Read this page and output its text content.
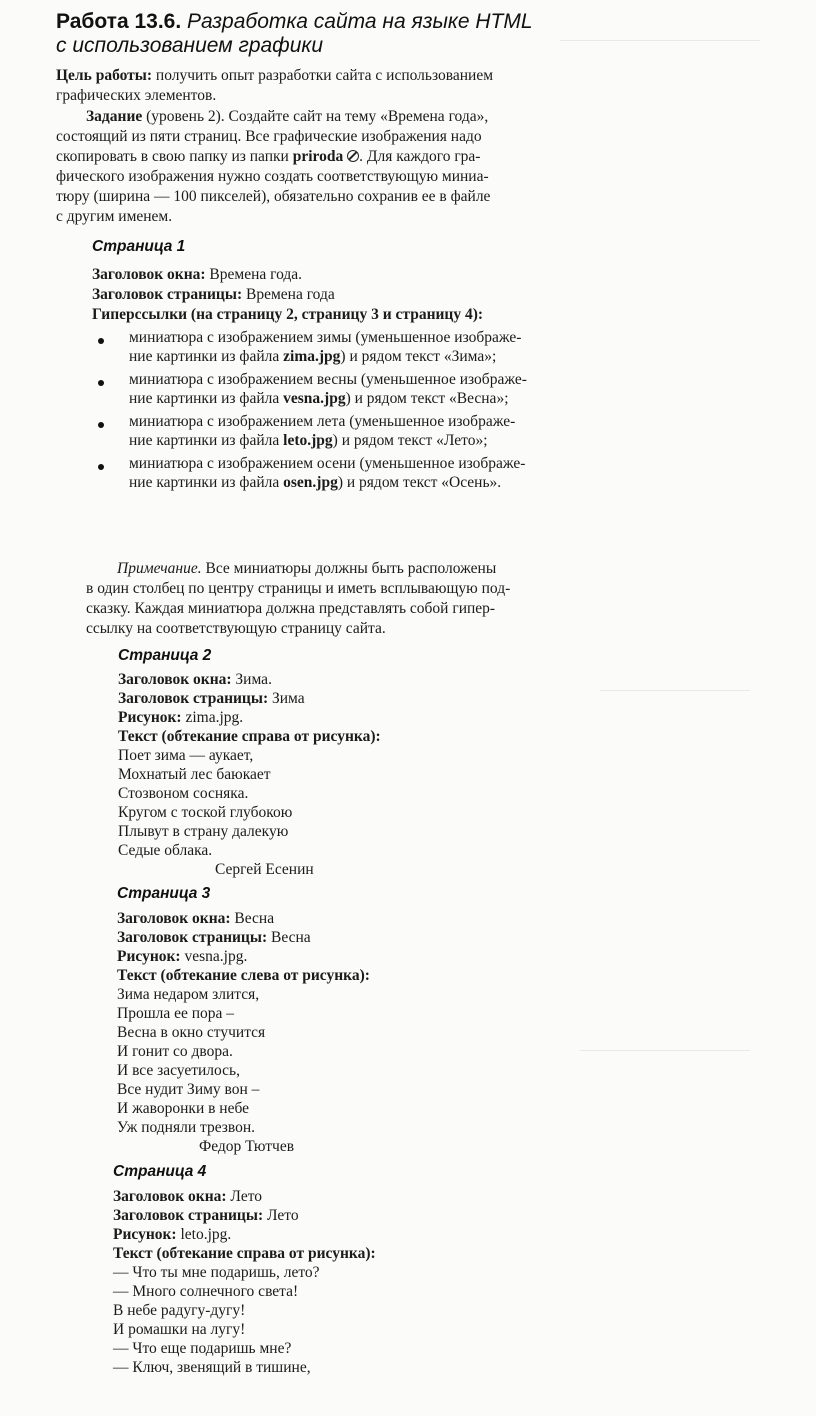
Работа 13.6. Разработка сайта на языке HTML
с использованием графики
Цель работы: получить опыт разработки сайта с использованием
графических элементов.
Задание (уровень 2). Создайте сайт на тему «Времена года»,
состоящий из пяти страниц. Все графические изображения надо
скопировать в свою папку из папки priroda . Для каждого гра-
фического изображения нужно создать соответствующую миниа-
тюру (ширина — 100 пикселей), обязательно сохранив ее в файле
с другим именем.
Страница 1
Заголовок окна: Времена года.
Заголовок страницы: Времена года
Гиперссылки (на страницу 2, страницу 3 и страницу 4):
миниатюра с изображением зимы (уменьшенное изображе-
ние картинки из файла zima.jpg) и рядом текст «Зима»;
миниатюра с изображением весны (уменьшенное изображе-
ние картинки из файла vesna.jpg) и рядом текст «Весна»;
миниатюра с изображением лета (уменьшенное изображе-
ние картинки из файла leto.jpg) и рядом текст «Лето»;
миниатюра с изображением осени (уменьшенное изображе-
ние картинки из файла osen.jpg) и рядом текст «Осень».
Примечание. Все миниатюры должны быть расположены
в один столбец по центру страницы и иметь всплывающую под-
сказку. Каждая миниатюра должна представлять собой гипер-
ссылку на соответствующую страницу сайта.
Страница 2
Заголовок окна: Зима.
Заголовок страницы: Зима
Рисунок: zima.jpg.
Текст (обтекание справа от рисунка):
Поет зима — аукает,
Мохнатый лес баюкает
Стозвоном сосняка.
Кругом с тоской глубокою
Плывут в страну далекую
Седые облака.
Сергей Есенин
Страница 3
Заголовок окна: Весна
Заголовок страницы: Весна
Рисунок: vesna.jpg.
Текст (обтекание слева от рисунка):
Зима недаром злится,
Прошла ее пора –
Весна в окно стучится
И гонит со двора.
И все засуетилось,
Все нудит Зиму вон –
И жаворонки в небе
Уж подняли трезвон.
Федор Тютчев
Страница 4
Заголовок окна: Лето
Заголовок страницы: Лето
Рисунок: leto.jpg.
Текст (обтекание справа от рисунка):
— Что ты мне подаришь, лето?
— Много солнечного света!
В небе радугу-дугу!
И ромашки на лугу!
— Что еще подаришь мне?
— Ключ, звенящий в тишине,
